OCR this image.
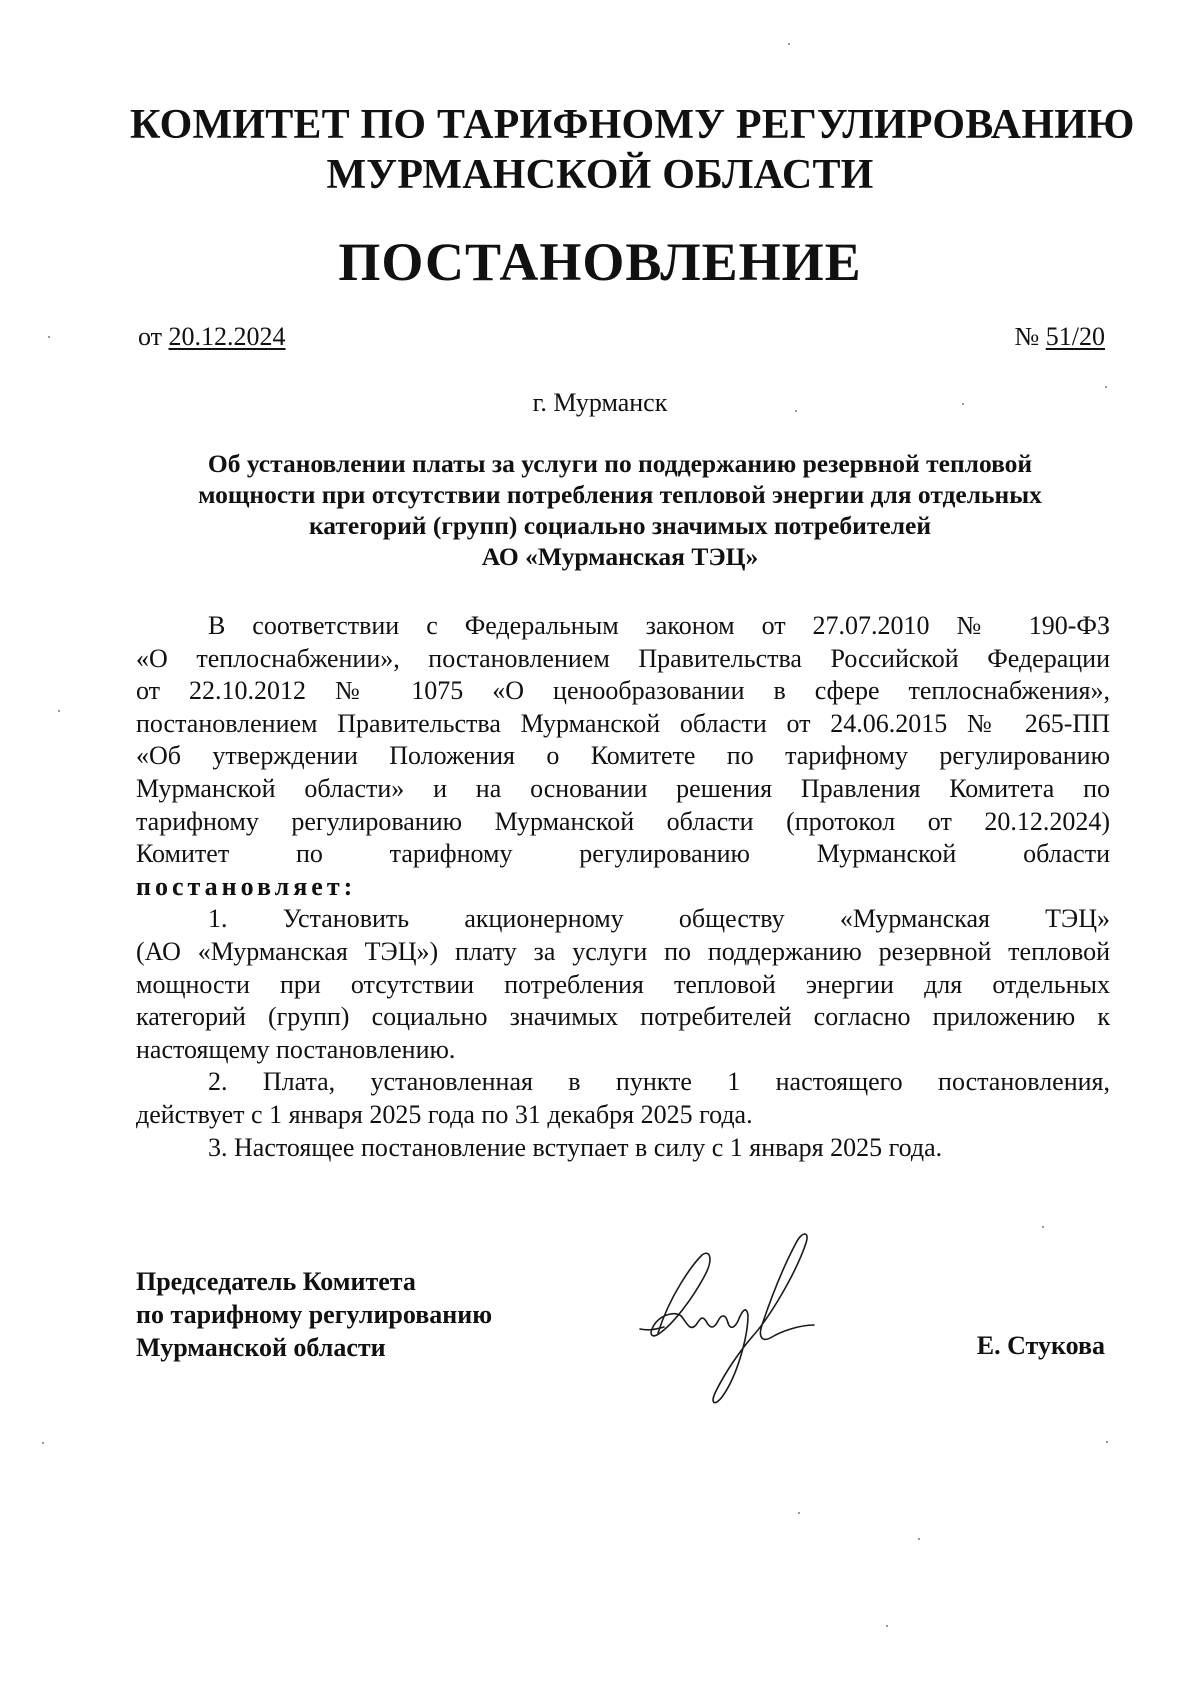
КОМИТЕТ ПО ТАРИФНОМУ РЕГУЛИРОВАНИЮ
МУРМАНСКОЙ ОБЛАСТИ
ПОСТАНОВЛЕНИЕ
от 20.12.2024	№ 51/20
г. Мурманск
Об установлении платы за услуги по поддержанию резервной тепловой
мощности при отсутствии потребления тепловой энергии для отдельных
категорий (групп) социально значимых потребителей
АО «Мурманская ТЭЦ»
В соответствии с Федеральным законом от 27.07.2010 № 190-ФЗ
«О теплоснабжении», постановлением Правительства Российской Федерации
от 22.10.2012 № 1075 «О ценообразовании в сфере теплоснабжения»,
постановлением Правительства Мурманской области от 24.06.2015 № 265-ПП
«Об утверждении Положения о Комитете по тарифному регулированию
Мурманской области» и на основании решения Правления Комитета по
тарифному регулированию Мурманской области (протокол от 20.12.2024)
Комитет по тарифному регулированию Мурманской области
постановляет:
1. Установить акционерному обществу «Мурманская ТЭЦ»
(АО «Мурманская ТЭЦ») плату за услуги по поддержанию резервной тепловой
мощности при отсутствии потребления тепловой энергии для отдельных
категорий (групп) социально значимых потребителей согласно приложению к
настоящему постановлению.
2. Плата, установленная в пункте 1 настоящего постановления,
действует с 1 января 2025 года по 31 декабря 2025 года.
3. Настоящее постановление вступает в силу с 1 января 2025 года.
Председатель Комитета
по тарифному регулированию
Мурманской области	Е. Стукова
